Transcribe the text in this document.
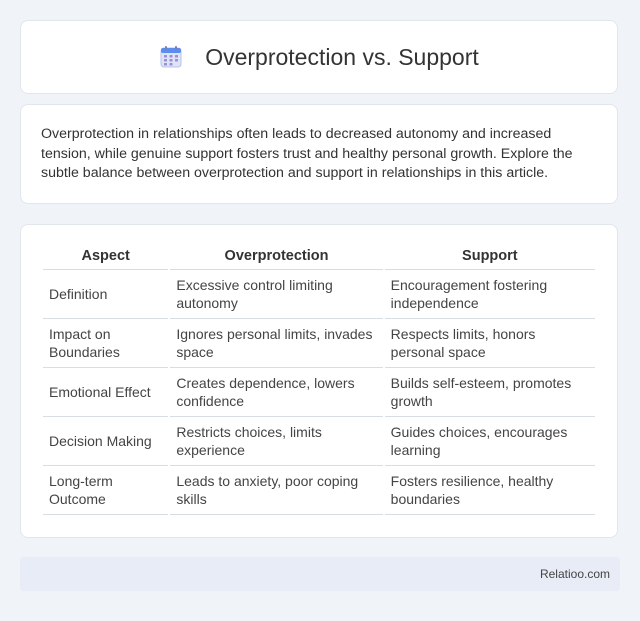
Overprotection vs. Support

Overprotection in relationships often leads to decreased autonomy and increased tension, while genuine support fosters trust and healthy personal growth. Explore the subtle balance between overprotection and support in relationships in this article.

Aspect	Overprotection	Support
Definition	Excessive control limiting autonomy	Encouragement fostering independence
Impact on Boundaries	Ignores personal limits, invades space	Respects limits, honors personal space
Emotional Effect	Creates dependence, lowers confidence	Builds self-esteem, promotes growth
Decision Making	Restricts choices, limits experience	Guides choices, encourages learning
Long-term Outcome	Leads to anxiety, poor coping skills	Fosters resilience, healthy boundaries
Relatioo.com
